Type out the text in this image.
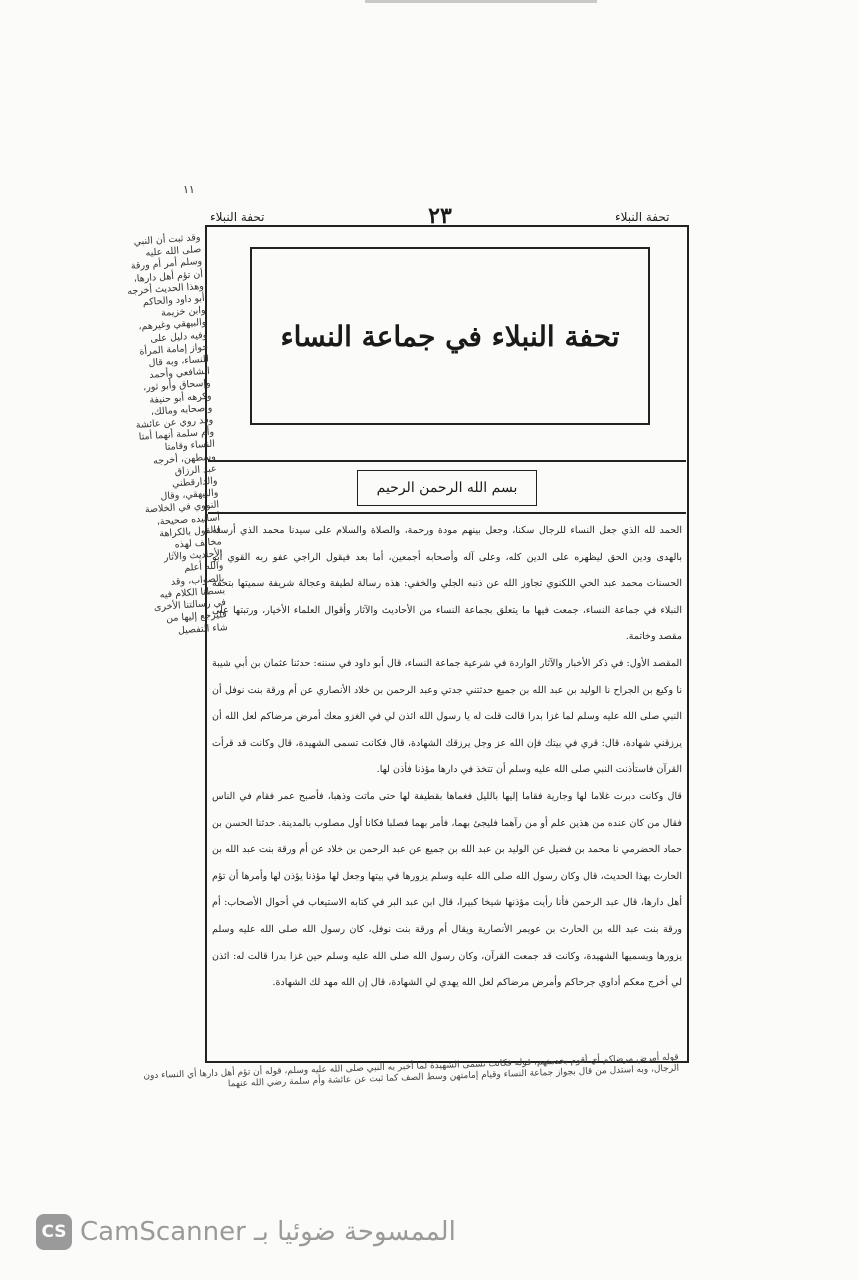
١١
تحفة النبلاء
۲۳
تحفة النبلاء
تحفة النبلاء في جماعة النساء
بسم الله الرحمن الرحيم

الحمد لله الذي جعل النساء للرجال سكنا، وجعل بينهم مودة ورحمة، والصلاة والسلام على سيدنا محمد الذي أرسله بالهدى ودين الحق ليظهره على الدين كله، وعلى آله وأصحابه أجمعين، أما بعد فيقول الراجي عفو ربه القوي أبو الحسنات محمد عبد الحي اللكنوي تجاوز الله عن ذنبه الجلي والخفي: هذه رسالة لطيفة وعجالة شريفة سميتها بتحفة النبلاء في جماعة النساء، جمعت فيها ما يتعلق بجماعة النساء من الأحاديث والآثار وأقوال العلماء الأخيار، ورتبتها على مقصد وخاتمة.

المقصد الأول: في ذكر الأخبار والآثار الواردة في شرعية جماعة النساء، قال أبو داود في سننه: حدثنا عثمان بن أبي شيبة نا وكيع بن الجراح نا الوليد بن عبد الله بن جميع حدثتني جدتي وعبد الرحمن بن خلاد الأنصاري عن أم ورقة بنت نوفل أن النبي صلى الله عليه وسلم لما غزا بدرا قالت قلت له يا رسول الله ائذن لي في الغزو معك أمرض مرضاكم لعل الله أن يرزقني شهادة، قال: قري في بيتك فإن الله عز وجل يرزقك الشهادة، قال فكانت تسمى الشهيدة، قال وكانت قد قرأت القرآن فاستأذنت النبي صلى الله عليه وسلم أن تتخذ في دارها مؤذنا فأذن لها.

قال وكانت دبرت غلاما لها وجارية فقاما إليها بالليل فغماها بقطيفة لها حتى ماتت وذهبا، فأصبح عمر فقام في الناس فقال من كان عنده من هذين علم أو من رآهما فليجئ بهما، فأمر بهما فصلبا فكانا أول مصلوب بالمدينة. حدثنا الحسن بن حماد الحضرمي نا محمد بن فضيل عن الوليد بن عبد الله بن جميع عن عبد الرحمن بن خلاد عن أم ورقة بنت عبد الله بن الحارث بهذا الحديث، قال وكان رسول الله صلى الله عليه وسلم يزورها في بيتها وجعل لها مؤذنا يؤذن لها وأمرها أن تؤم أهل دارها، قال عبد الرحمن فأنا رأيت مؤذنها شيخا كبيرا، قال ابن عبد البر في كتابه الاستيعاب في أحوال الأصحاب: أم ورقة بنت عبد الله بن الحارث بن عويمر الأنصارية ويقال أم ورقة بنت نوفل، كان رسول الله صلى الله عليه وسلم يزورها ويسميها الشهيدة، وكانت قد جمعت القرآن، وكان رسول الله صلى الله عليه وسلم حين غزا بدرا قالت له: ائذن لي أخرج معكم أداوي جرحاكم وأمرض مرضاكم لعل الله يهدي لي الشهادة، قال إن الله مهد لك الشهادة.

وقد ثبت أن النبي صلى الله عليه وسلم أمر أم ورقة أن تؤم أهل دارها، وهذا الحديث أخرجه أبو داود والحاكم وابن خزيمة والبيهقي وغيرهم، وفيه دليل على جواز إمامة المرأة للنساء، وبه قال الشافعي وأحمد وإسحاق وأبو ثور، وكرهه أبو حنيفة وأصحابه ومالك، وقد روي عن عائشة وأم سلمة أنهما أمتا النساء وقامتا وسطهن، أخرجه عبد الرزاق والدارقطني والبيهقي، وقال النووي في الخلاصة أسانيده صحيحة، فالقول بالكراهة مخالف لهذه الأحاديث والآثار والله أعلم بالصواب، وقد بسطنا الكلام فيه في رسالتنا الأخرى فليرجع إليها من شاء التفصيل

قوله أمرض مرضاكم أي أقوم بخدمتهم، قوله فكانت تسمى الشهيدة لما أخبر به النبي صلى الله عليه وسلم، قوله أن تؤم أهل دارها أي النساء دون الرجال، وبه استدل من قال بجواز جماعة النساء وقيام إمامتهن وسط الصف كما ثبت عن عائشة وأم سلمة رضي الله عنهما
CS الممسوحة ضوئيا بـ CamScanner
